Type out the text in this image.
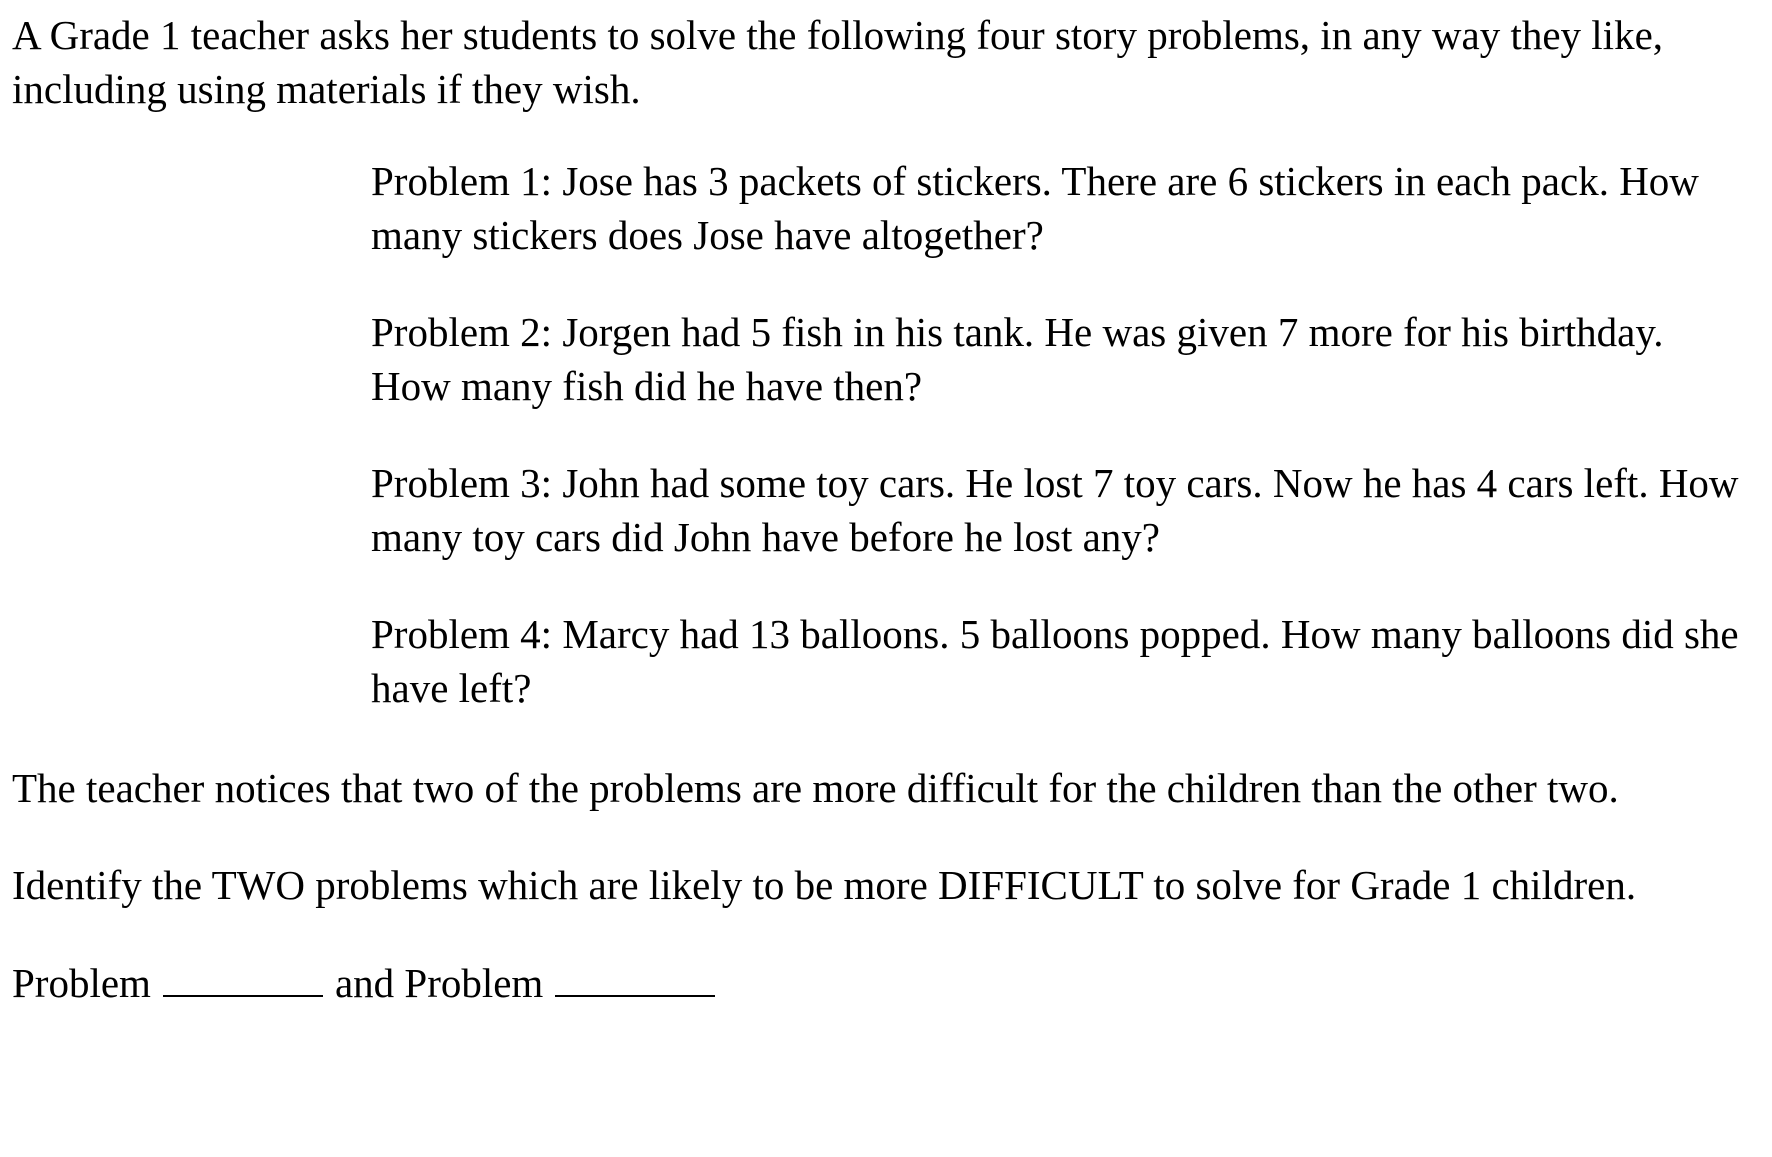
A Grade 1 teacher asks her students to solve the following four story problems, in any way they like, including using materials if they wish.

Problem 1: Jose has 3 packets of stickers. There are 6 stickers in each pack. How many stickers does Jose have altogether?

Problem 2: Jorgen had 5 fish in his tank. He was given 7 more for his birthday. How many fish did he have then?

Problem 3: John had some toy cars. He lost 7 toy cars. Now he has 4 cars left. How many toy cars did John have before he lost any?

Problem 4: Marcy had 13 balloons. 5 balloons popped. How many balloons did she have left?

The teacher notices that two of the problems are more difficult for the children than the other two.

Identify the TWO problems which are likely to be more DIFFICULT to solve for Grade 1 children.

Problem	and Problem
